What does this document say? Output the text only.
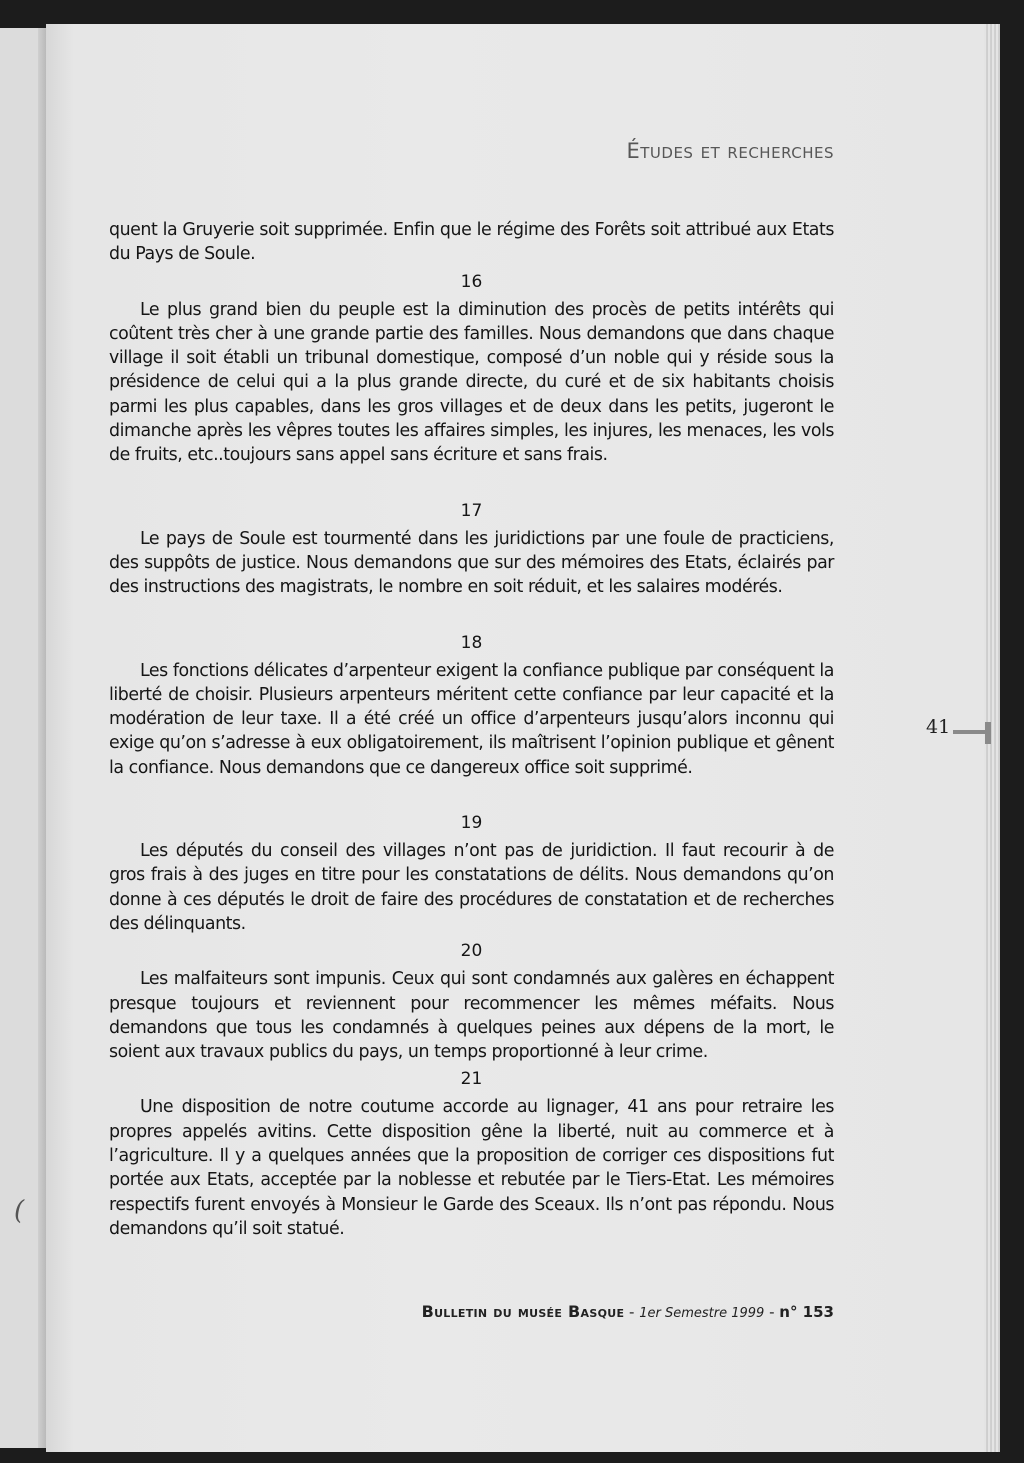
(
Études et recherches

quent la Gruyerie soit supprimée. Enfin que le régime des Forêts soit attribué aux Etats du Pays de Soule.

16

Le plus grand bien du peuple est la diminution des procès de petits intérêts qui coûtent très cher à une grande partie des familles. Nous demandons que dans chaque village il soit établi un tribunal domestique, composé d’un noble qui y réside sous la présidence de celui qui a la plus grande directe, du curé et de six habitants choisis parmi les plus capables, dans les gros villages et de deux dans les petits, jugeront le dimanche après les vêpres toutes les affaires simples, les injures, les menaces, les vols de fruits, etc..toujours sans appel sans écriture et sans frais.

17

Le pays de Soule est tourmenté dans les juridictions par une foule de practiciens, des suppôts de justice. Nous demandons que sur des mémoires des Etats, éclairés par des instructions des magistrats, le nombre en soit réduit, et les salaires modérés.

18

Les fonctions délicates d’arpenteur exigent la confiance publique par conséquent la liberté de choisir. Plusieurs arpenteurs méritent cette confiance par leur capacité et la modération de leur taxe. Il a été créé un office d’arpenteurs jusqu’alors inconnu qui exige qu’on s’adresse à eux obligatoirement, ils maîtrisent l’opinion publique et gênent la confiance. Nous demandons que ce dangereux office soit supprimé.

19

Les députés du conseil des villages n’ont pas de juridiction. Il faut recourir à de gros frais à des juges en titre pour les constatations de délits. Nous demandons qu’on donne à ces députés le droit de faire des procédures de constatation et de recherches des délinquants.

20

Les malfaiteurs sont impunis. Ceux qui sont condamnés aux galères en échappent presque toujours et reviennent pour recommencer les mêmes méfaits. Nous demandons que tous les condamnés à quelques peines aux dépens de la mort, le soient aux travaux publics du pays, un temps proportionné à leur crime.

21

Une disposition de notre coutume accorde au lignager, 41 ans pour retraire les propres appelés avitins. Cette disposition gêne la liberté, nuit au commerce et à l’agriculture. Il y a quelques années que la proposition de corriger ces dispositions fut portée aux Etats, acceptée par la noblesse et rebutée par le Tiers-Etat. Les mémoires respectifs furent envoyés à Monsieur le Garde des Sceaux. Ils n’ont pas répondu. Nous demandons qu’il soit statué.

41
Bulletin du musée Basque - 1er Semestre 1999 - n° 153
